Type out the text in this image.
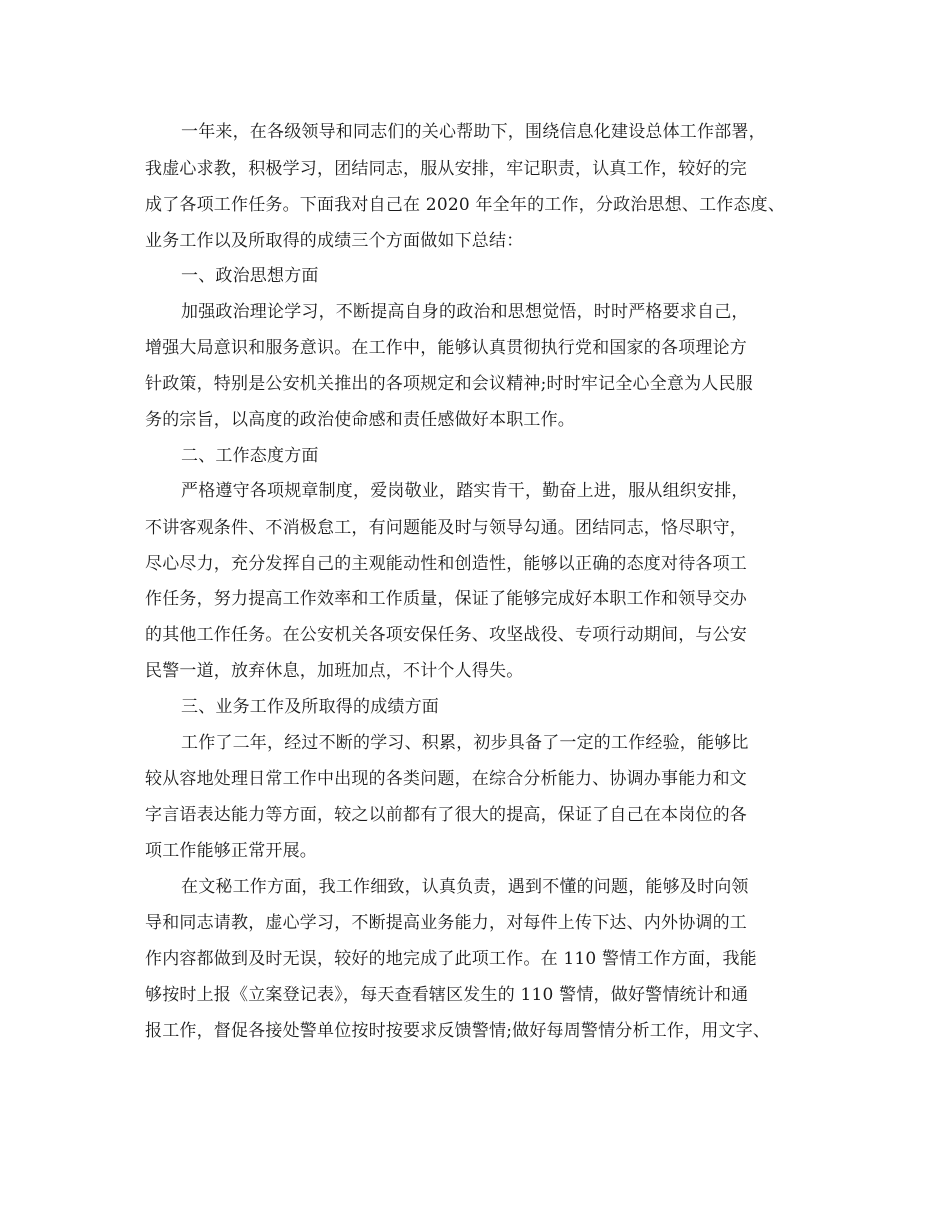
一年来，在各级领导和同志们的关心帮助下，围绕信息化建设总体工作部署，
我虚心求教，积极学习，团结同志，服从安排，牢记职责，认真工作，较好的完
成了各项工作任务。下面我对自己在 2020 年全年的工作，分政治思想、工作态度、
业务工作以及所取得的成绩三个方面做如下总结：
一、政治思想方面
加强政治理论学习，不断提高自身的政治和思想觉悟，时时严格要求自己，
增强大局意识和服务意识。在工作中，能够认真贯彻执行党和国家的各项理论方
针政策，特别是公安机关推出的各项规定和会议精神;时时牢记全心全意为人民服
务的宗旨，以高度的政治使命感和责任感做好本职工作。
二、工作态度方面
严格遵守各项规章制度，爱岗敬业，踏实肯干，勤奋上进，服从组织安排，
不讲客观条件、不消极怠工，有问题能及时与领导勾通。团结同志，恪尽职守，
尽心尽力，充分发挥自己的主观能动性和创造性，能够以正确的态度对待各项工
作任务，努力提高工作效率和工作质量，保证了能够完成好本职工作和领导交办
的其他工作任务。在公安机关各项安保任务、攻坚战役、专项行动期间，与公安
民警一道，放弃休息，加班加点，不计个人得失。
三、业务工作及所取得的成绩方面
工作了二年，经过不断的学习、积累，初步具备了一定的工作经验，能够比
较从容地处理日常工作中出现的各类问题，在综合分析能力、协调办事能力和文
字言语表达能力等方面，较之以前都有了很大的提高，保证了自己在本岗位的各
项工作能够正常开展。
在文秘工作方面，我工作细致，认真负责，遇到不懂的问题，能够及时向领
导和同志请教，虚心学习，不断提高业务能力，对每件上传下达、内外协调的工
作内容都做到及时无误，较好的地完成了此项工作。在 110 警情工作方面，我能
够按时上报《立案登记表》，每天查看辖区发生的 110 警情，做好警情统计和通
报工作，督促各接处警单位按时按要求反馈警情;做好每周警情分析工作，用文字、
